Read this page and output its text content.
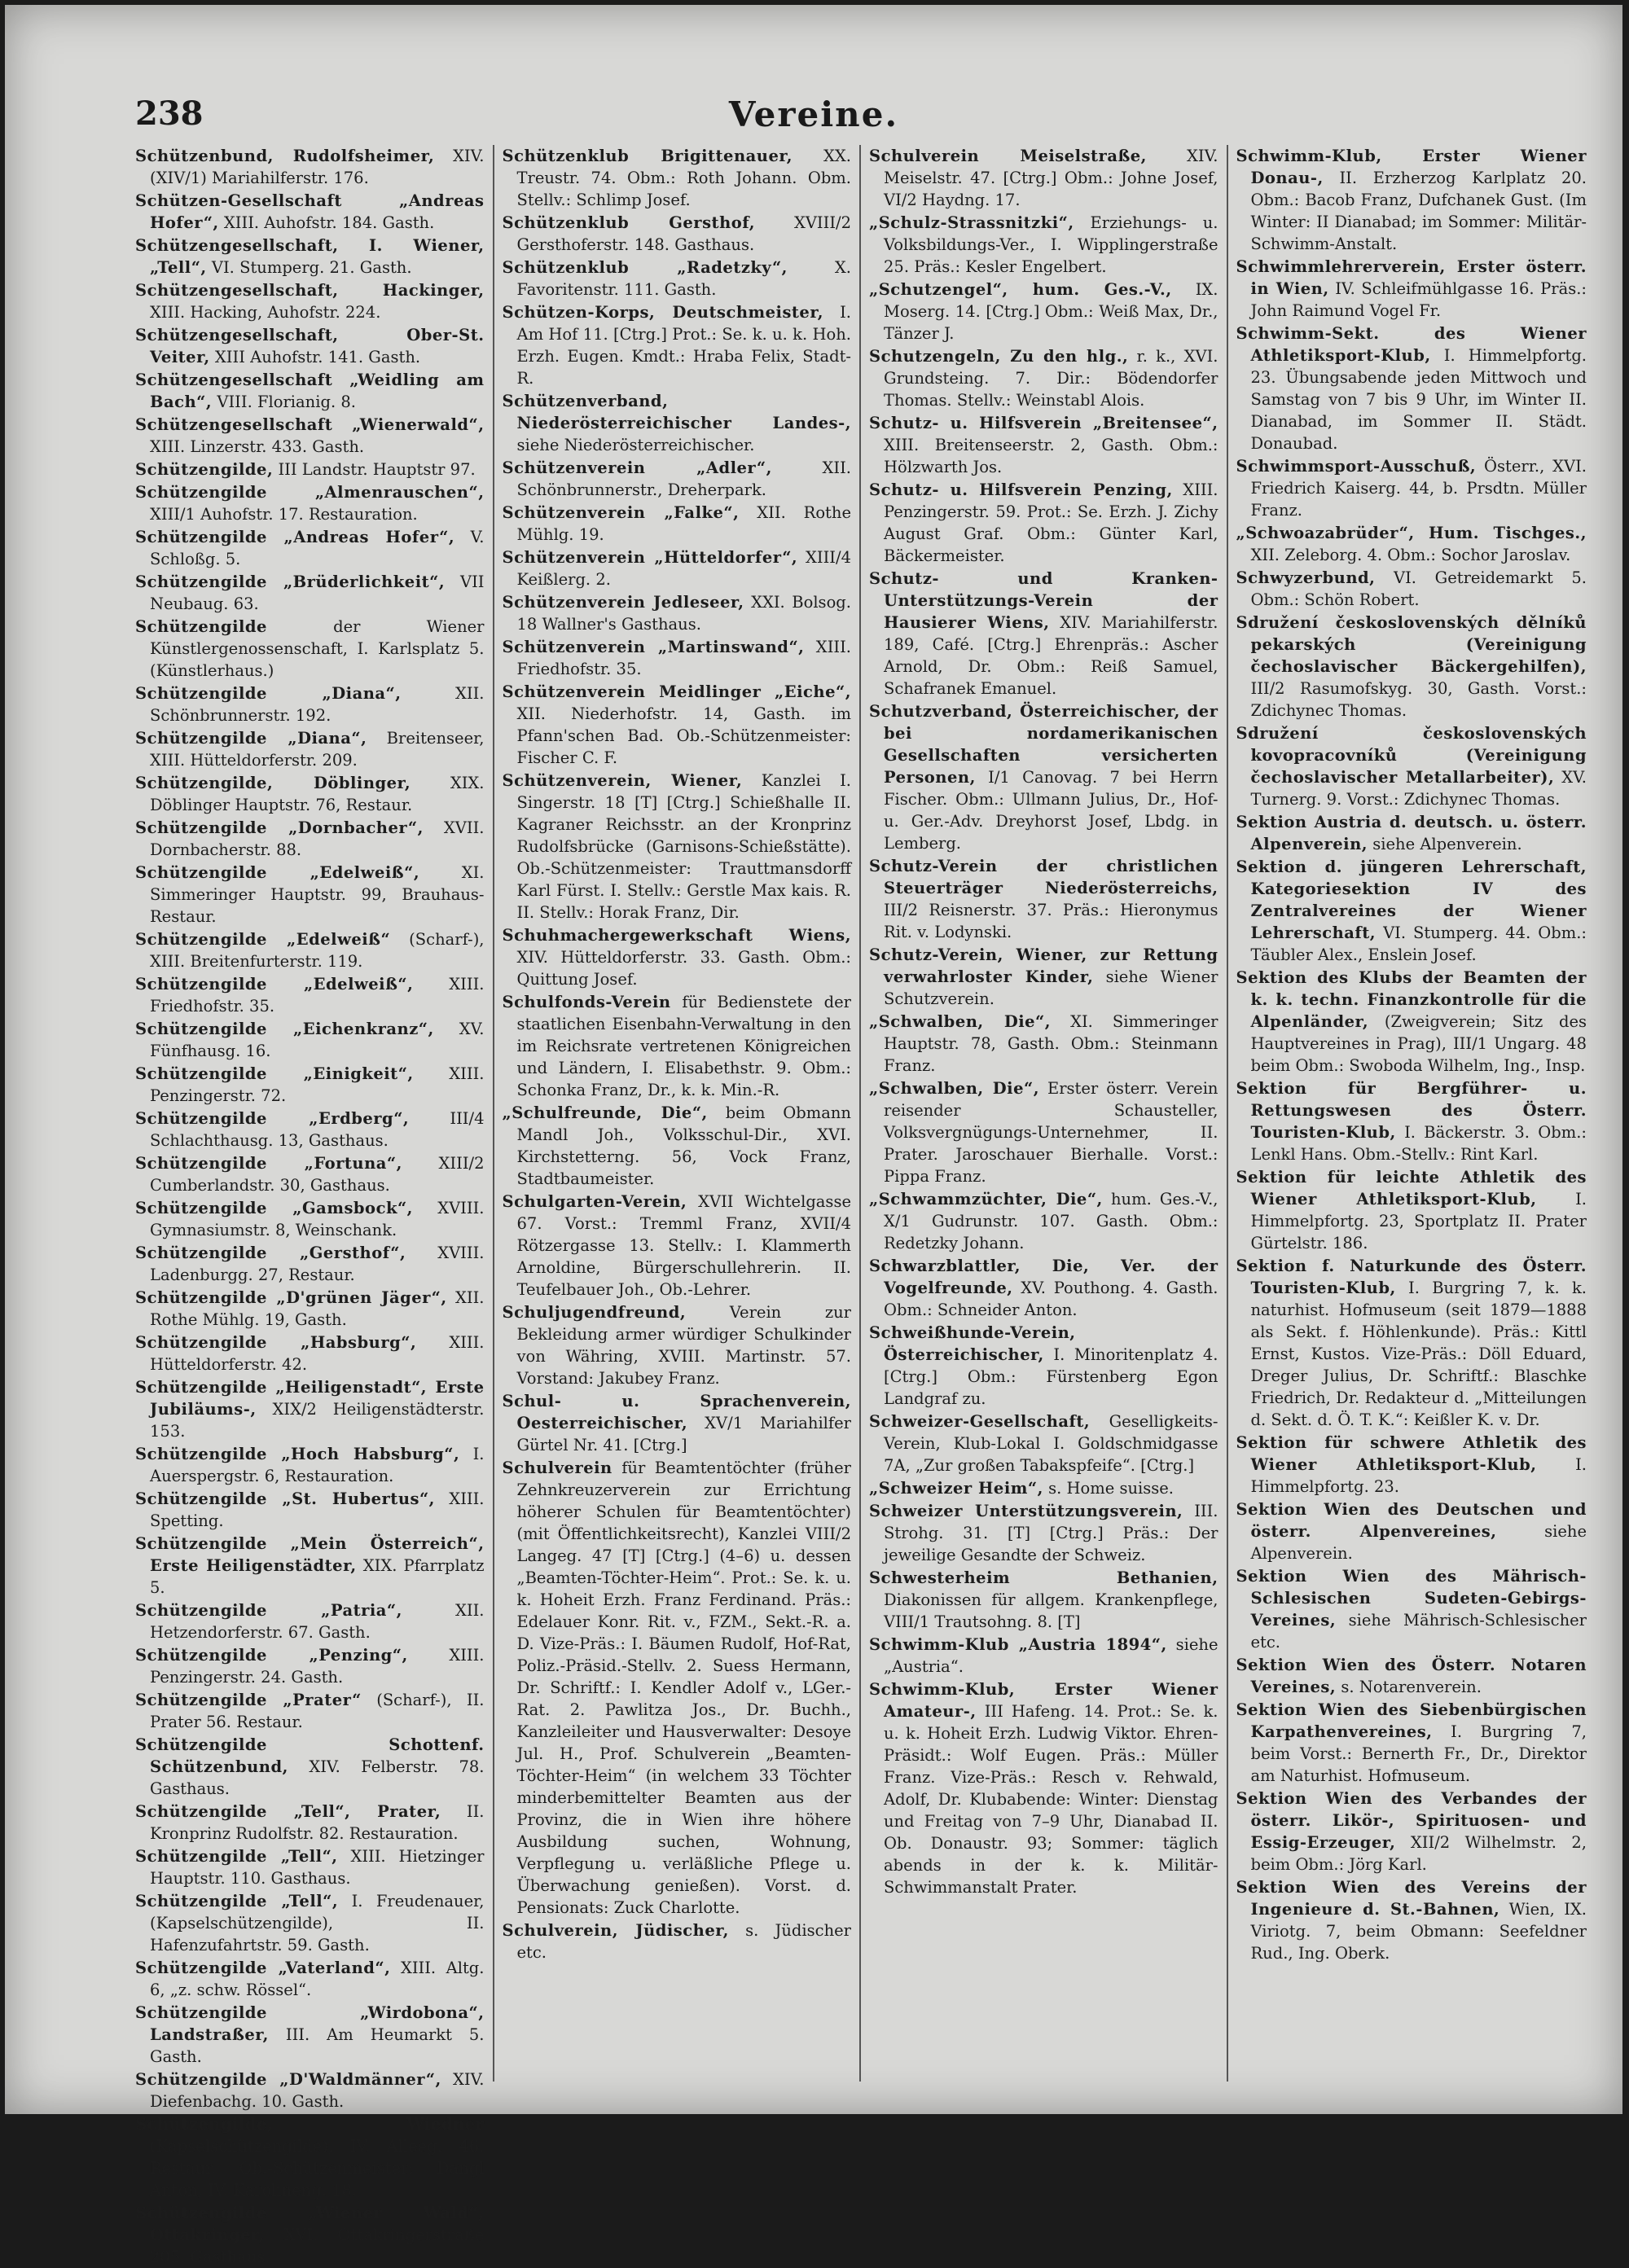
238	Vereine.

Schützenbund, Rudolfsheimer, XIV. (XIV/1) Mariahilferstr. 176.

Schützen-Gesellschaft „Andreas Hofer“, XIII. Auhofstr. 184. Gasth.

Schützengesellschaft, I. Wiener, „Tell“, VI. Stumperg. 21. Gasth.

Schützengesellschaft, Hackinger, XIII. Hacking, Auhofstr. 224.

Schützengesellschaft, Ober-St. Veiter, XIII Auhofstr. 141. Gasth.

Schützengesellschaft „Weidling am Bach“, VIII. Florianig. 8.

Schützengesellschaft „Wienerwald“, XIII. Linzerstr. 433. Gasth.

Schützengilde, III Landstr. Hauptstr 97.

Schützengilde „Almenrauschen“, XIII/1 Auhofstr. 17. Restauration.

Schützengilde „Andreas Hofer“, V. Schloßg. 5.

Schützengilde „Brüderlichkeit“, VII Neubaug. 63.

Schützengilde der Wiener Künstlergenossenschaft, I. Karlsplatz 5. (Künstlerhaus.)

Schützengilde „Diana“, XII. Schönbrunnerstr. 192.

Schützengilde „Diana“, Breitenseer, XIII. Hütteldorferstr. 209.

Schützengilde, Döblinger, XIX. Döblinger Hauptstr. 76, Restaur.

Schützengilde „Dornbacher“, XVII. Dornbacherstr. 88.

Schützengilde „Edelweiß“, XI. Simmeringer Hauptstr. 99, Brauhaus-Restaur.

Schützengilde „Edelweiß“ (Scharf-), XIII. Breitenfurterstr. 119.

Schützengilde „Edelweiß“, XIII. Friedhofstr. 35.

Schützengilde „Eichenkranz“, XV. Fünfhausg. 16.

Schützengilde „Einigkeit“, XIII. Penzingerstr. 72.

Schützengilde „Erdberg“, III/4 Schlachthausg. 13, Gasthaus.

Schützengilde „Fortuna“, XIII/2 Cumberlandstr. 30, Gasthaus.

Schützengilde „Gamsbock“, XVIII. Gymnasiumstr. 8, Weinschank.

Schützengilde „Gersthof“, XVIII. Ladenburgg. 27, Restaur.

Schützengilde „D'grünen Jäger“, XII. Rothe Mühlg. 19, Gasth.

Schützengilde „Habsburg“, XIII. Hütteldorferstr. 42.

Schützengilde „Heiligenstadt“, Erste Jubiläums-, XIX/2 Heiligenstädterstr. 153.

Schützengilde „Hoch Habsburg“, I. Auerspergstr. 6, Restauration.

Schützengilde „St. Hubertus“, XIII. Spetting.

Schützengilde „Mein Österreich“, Erste Heiligenstädter, XIX. Pfarrplatz 5.

Schützengilde „Patria“, XII. Hetzendorferstr. 67. Gasth.

Schützengilde „Penzing“, XIII. Penzingerstr. 24. Gasth.

Schützengilde „Prater“ (Scharf-), II. Prater 56. Restaur.

Schützengilde Schottenf. Schützenbund, XIV. Felberstr. 78. Gasthaus.

Schützengilde „Tell“, Prater, II. Kronprinz Rudolfstr. 82. Restauration.

Schützengilde „Tell“, XIII. Hietzinger Hauptstr. 110. Gasthaus.

Schützengilde „Tell“, I. Freudenauer, (Kapselschützengilde), II. Hafenzufahrtstr. 59. Gasth.

Schützengilde „Vaterland“, XIII. Altg. 6, „z. schw. Rössel“.

Schützengilde „Wirdobona“, Landstraßer, III. Am Heumarkt 5. Gasth.

Schützengilde „D'Waldmänner“, XIV. Diefenbachg. 10. Gasth.

Schützengilde, Wiedner (Kapselschützengilde), IV. Alleeg. 46. Restaur. Ob.-Schützenmeister: Dangl Anton, IV. Karolineng. 18.

Schützengilde „Wiener Wald“, Ottakringer, XVI. Ottakringerstraße 205. Gasthaus.

Schützenklub Brigittenauer, XX. Treustr. 74. Obm.: Roth Johann. Obm. Stellv.: Schlimp Josef.

Schützenklub Gersthof, XVIII/2 Gersthoferstr. 148. Gasthaus.

Schützenklub „Radetzky“, X. Favoritenstr. 111. Gasth.

Schützen-Korps, Deutschmeister, I. Am Hof 11. [Ctrg.] Prot.: Se. k. u. k. Hoh. Erzh. Eugen. Kmdt.: Hraba Felix, Stadt-R.

Schützenverband, Niederösterreichischer Landes-, siehe Niederösterreichischer.

Schützenverein „Adler“, XII. Schönbrunnerstr., Dreherpark.

Schützenverein „Falke“, XII. Rothe Mühlg. 19.

Schützenverein „Hütteldorfer“, XIII/4 Keißlerg. 2.

Schützenverein Jedleseer, XXI. Bolsog. 18 Wallner's Gasthaus.

Schützenverein „Martinswand“, XIII. Friedhofstr. 35.

Schützenverein Meidlinger „Eiche“, XII. Niederhofstr. 14, Gasth. im Pfann'schen Bad. Ob.-Schützenmeister: Fischer C. F.

Schützenverein, Wiener, Kanzlei I. Singerstr. 18 [T] [Ctrg.] Schießhalle II. Kagraner Reichsstr. an der Kronprinz Rudolfsbrücke (Garnisons-Schießstätte). Ob.-Schützenmeister: Trauttmansdorff Karl Fürst. I. Stellv.: Gerstle Max kais. R. II. Stellv.: Horak Franz, Dir.

Schuhmachergewerkschaft Wiens, XIV. Hütteldorferstr. 33. Gasth. Obm.: Quittung Josef.

Schulfonds-Verein für Bedienstete der staatlichen Eisenbahn-Verwaltung in den im Reichsrate vertretenen Königreichen und Ländern, I. Elisabethstr. 9. Obm.: Schonka Franz, Dr., k. k. Min.-R.

„Schulfreunde, Die“, beim Obmann Mandl Joh., Volksschul-Dir., XVI. Kirchstetterng. 56, Vock Franz, Stadtbaumeister.

Schulgarten-Verein, XVII Wichtelgasse 67. Vorst.: Tremml Franz, XVII/4 Rötzergasse 13. Stellv.: I. Klammerth Arnoldine, Bürgerschullehrerin. II. Teufelbauer Joh., Ob.-Lehrer.

Schuljugendfreund, Verein zur Bekleidung armer würdiger Schulkinder von Währing, XVIII. Martinstr. 57. Vorstand: Jakubey Franz.

Schul- u. Sprachenverein, Oesterreichischer, XV/1 Mariahilfer Gürtel Nr. 41. [Ctrg.]

Schulverein für Beamtentöchter (früher Zehnkreuzerverein zur Errichtung höherer Schulen für Beamtentöchter) (mit Öffentlichkeitsrecht), Kanzlei VIII/2 Langeg. 47 [T] [Ctrg.] (4–6) u. dessen „Beamten-Töchter-Heim“. Prot.: Se. k. u. k. Hoheit Erzh. Franz Ferdinand. Präs.: Edelauer Konr. Rit. v., FZM., Sekt.-R. a. D. Vize-Präs.: I. Bäumen Rudolf, Hof-Rat, Poliz.-Präsid.-Stellv. 2. Suess Hermann, Dr. Schriftf.: I. Kendler Adolf v., LGer.-Rat. 2. Pawlitza Jos., Dr. Buchh., Kanzleileiter und Hausverwalter: Desoye Jul. H., Prof. Schulverein „Beamten-Töchter-Heim“ (in welchem 33 Töchter minderbemittelter Beamten aus der Provinz, die in Wien ihre höhere Ausbildung suchen, Wohnung, Verpflegung u. verläßliche Pflege u. Überwachung genießen). Vorst. d. Pensionats: Zuck Charlotte.

Schulverein, Jüdischer, s. Jüdischer etc.

Schulverein Meiselstraße, XIV. Meiselstr. 47. [Ctrg.] Obm.: Johne Josef, VI/2 Haydng. 17.

„Schulz-Strassnitzki“, Erziehungs- u. Volksbildungs-Ver., I. Wipplingerstraße 25. Präs.: Kesler Engelbert.

„Schutzengel“, hum. Ges.-V., IX. Moserg. 14. [Ctrg.] Obm.: Weiß Max, Dr., Tänzer J.

Schutzengeln, Zu den hlg., r. k., XVI. Grundsteing. 7. Dir.: Bödendorfer Thomas. Stellv.: Weinstabl Alois.

Schutz- u. Hilfsverein „Breitensee“, XIII. Breitenseerstr. 2, Gasth. Obm.: Hölzwarth Jos.

Schutz- u. Hilfsverein Penzing, XIII. Penzingerstr. 59. Prot.: Se. Erzh. J. Zichy August Graf. Obm.: Günter Karl, Bäckermeister.

Schutz- und Kranken-Unterstützungs-Verein der Hausierer Wiens, XIV. Mariahilferstr. 189, Café. [Ctrg.] Ehrenpräs.: Ascher Arnold, Dr. Obm.: Reiß Samuel, Schafranek Emanuel.

Schutzverband, Österreichischer, der bei nordamerikanischen Gesellschaften versicherten Personen, I/1 Canovag. 7 bei Herrn Fischer. Obm.: Ullmann Julius, Dr., Hof- u. Ger.-Adv. Dreyhorst Josef, Lbdg. in Lemberg.

Schutz-Verein der christlichen Steuerträger Niederösterreichs, III/2 Reisnerstr. 37. Präs.: Hieronymus Rit. v. Lodynski.

Schutz-Verein, Wiener, zur Rettung verwahrloster Kinder, siehe Wiener Schutzverein.

„Schwalben, Die“, XI. Simmeringer Hauptstr. 78, Gasth. Obm.: Steinmann Franz.

„Schwalben, Die“, Erster österr. Verein reisender Schausteller, Volksvergnügungs-Unternehmer, II. Prater. Jaroschauer Bierhalle. Vorst.: Pippa Franz.

„Schwammzüchter, Die“, hum. Ges.-V., X/1 Gudrunstr. 107. Gasth. Obm.: Redetzky Johann.

Schwarzblattler, Die, Ver. der Vogelfreunde, XV. Pouthong. 4. Gasth. Obm.: Schneider Anton.

Schweißhunde-Verein, Österreichischer, I. Minoritenplatz 4. [Ctrg.] Obm.: Fürstenberg Egon Landgraf zu.

Schweizer-Gesellschaft, Geselligkeits-Verein, Klub-Lokal I. Goldschmidgasse 7A, „Zur großen Tabakspfeife“. [Ctrg.]

„Schweizer Heim“, s. Home suisse.

Schweizer Unterstützungsverein, III. Strohg. 31. [T] [Ctrg.] Präs.: Der jeweilige Gesandte der Schweiz.

Schwesterheim Bethanien, Diakonissen für allgem. Krankenpflege, VIII/1 Trautsohng. 8. [T]

Schwimm-Klub „Austria 1894“, siehe „Austria“.

Schwimm-Klub, Erster Wiener Amateur-, III Hafeng. 14. Prot.: Se. k. u. k. Hoheit Erzh. Ludwig Viktor. Ehren-Präsidt.: Wolf Eugen. Präs.: Müller Franz. Vize-Präs.: Resch v. Rehwald, Adolf, Dr. Klubabende: Winter: Dienstag und Freitag von 7–9 Uhr, Dianabad II. Ob. Donaustr. 93; Sommer: täglich abends in der k. k. Militär-Schwimmanstalt Prater.

Schwimm-Klub, Erster Wiener Donau-, II. Erzherzog Karlplatz 20. Obm.: Bacob Franz, Dufchanek Gust. (Im Winter: II Dianabad; im Sommer: Militär-Schwimm-Anstalt.

Schwimmlehrerverein, Erster österr. in Wien, IV. Schleifmühlgasse 16. Präs.: John Raimund Vogel Fr.

Schwimm-Sekt. des Wiener Athletiksport-Klub, I. Himmelpfortg. 23. Übungsabende jeden Mittwoch und Samstag von 7 bis 9 Uhr, im Winter II. Dianabad, im Sommer II. Städt. Donaubad.

Schwimmsport-Ausschuß, Österr., XVI. Friedrich Kaiserg. 44, b. Prsdtn. Müller Franz.

„Schwoazabrüder“, Hum. Tischges., XII. Zeleborg. 4. Obm.: Sochor Jaroslav.

Schwyzerbund, VI. Getreidemarkt 5. Obm.: Schön Robert.

Sdružení československých dělníků pekarských (Vereinigung čechoslavischer Bäckergehilfen), III/2 Rasumofskyg. 30, Gasth. Vorst.: Zdichynec Thomas.

Sdružení československých kovopracovníků (Vereinigung čechoslavischer Metallarbeiter), XV. Turnerg. 9. Vorst.: Zdichynec Thomas.

Sektion Austria d. deutsch. u. österr. Alpenverein, siehe Alpenverein.

Sektion d. jüngeren Lehrerschaft, Kategoriesektion IV des Zentralvereines der Wiener Lehrerschaft, VI. Stumperg. 44. Obm.: Täubler Alex., Enslein Josef.

Sektion des Klubs der Beamten der k. k. techn. Finanzkontrolle für die Alpenländer, (Zweigverein; Sitz des Hauptvereines in Prag), III/1 Ungarg. 48 beim Obm.: Swoboda Wilhelm, Ing., Insp.

Sektion für Bergführer- u. Rettungswesen des Österr. Touristen-Klub, I. Bäckerstr. 3. Obm.: Lenkl Hans. Obm.-Stellv.: Rint Karl.

Sektion für leichte Athletik des Wiener Athletiksport-Klub, I. Himmelpfortg. 23, Sportplatz II. Prater Gürtelstr. 186.

Sektion f. Naturkunde des Österr. Touristen-Klub, I. Burgring 7, k. k. naturhist. Hofmuseum (seit 1879—1888 als Sekt. f. Höhlenkunde). Präs.: Kittl Ernst, Kustos. Vize-Präs.: Döll Eduard, Dreger Julius, Dr. Schriftf.: Blaschke Friedrich, Dr. Redakteur d. „Mitteilungen d. Sekt. d. Ö. T. K.“: Keißler K. v. Dr.

Sektion für schwere Athletik des Wiener Athletiksport-Klub, I. Himmelpfortg. 23.

Sektion Wien des Deutschen und österr. Alpenvereines, siehe Alpenverein.

Sektion Wien des Mährisch-Schlesischen Sudeten-Gebirgs-Vereines, siehe Mährisch-Schlesischer etc.

Sektion Wien des Österr. Notaren Vereines, s. Notarenverein.

Sektion Wien des Siebenbürgischen Karpathenvereines, I. Burgring 7, beim Vorst.: Bernerth Fr., Dr., Direktor am Naturhist. Hofmuseum.

Sektion Wien des Verbandes der österr. Likör-, Spirituosen- und Essig-Erzeuger, XII/2 Wilhelmstr. 2, beim Obm.: Jörg Karl.

Sektion Wien des Vereins der Ingenieure d. St.-Bahnen, Wien, IX. Viriotg. 7, beim Obmann: Seefeldner Rud., Ing. Oberk.
